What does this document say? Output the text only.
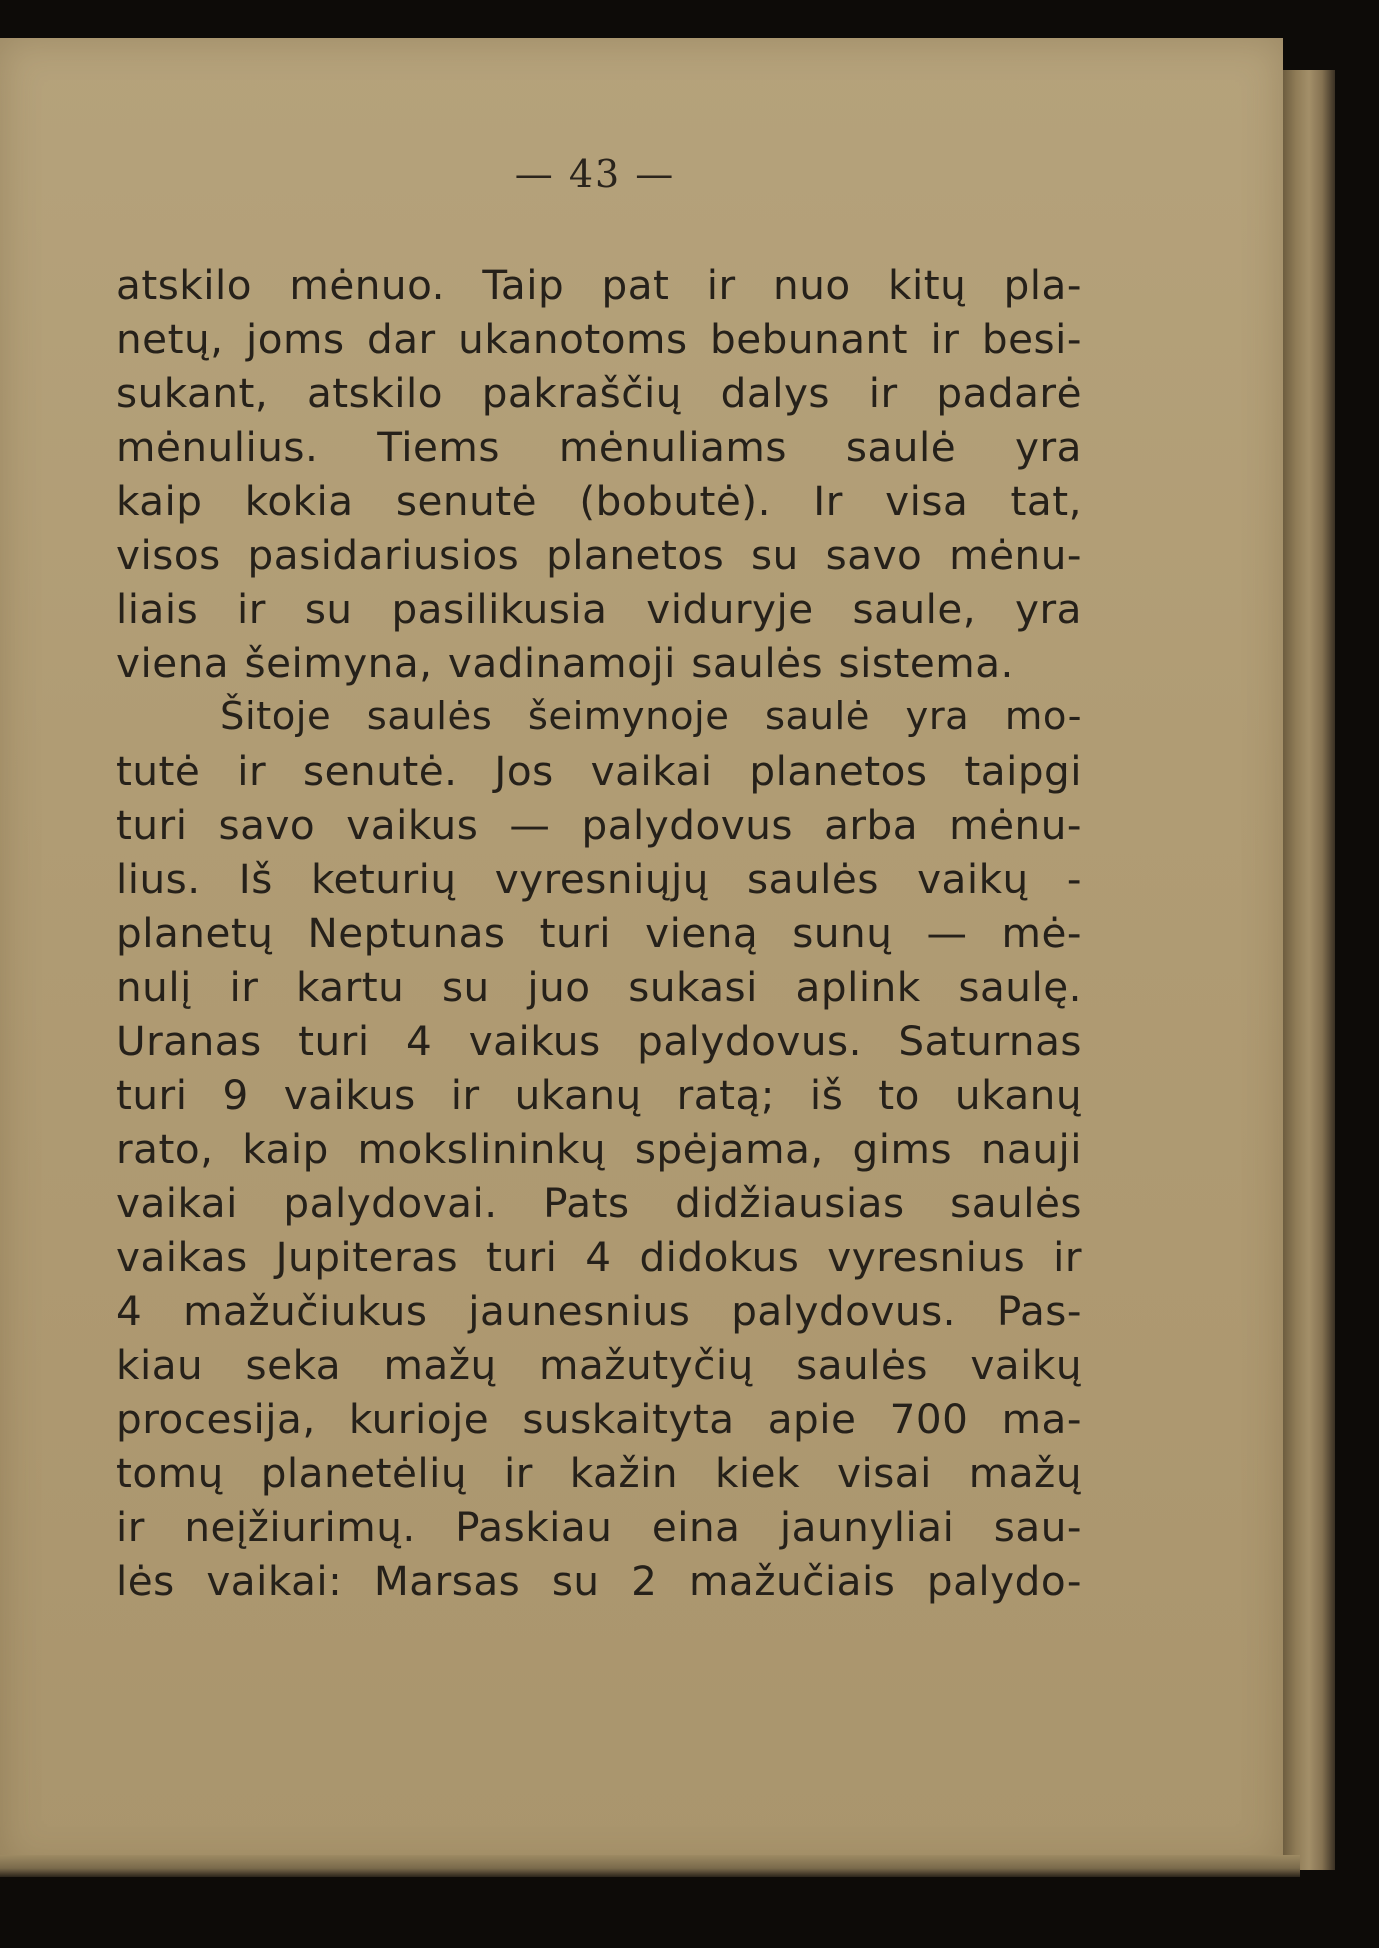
— 43 —
atskilo mėnuo. Taip pat ir nuo kitų pla-
netų, joms dar ukanotoms bebunant ir besi-
sukant, atskilo pakraščių dalys ir padarė
mėnulius. Tiems mėnuliams saulė yra
kaip kokia senutė (bobutė). Ir visa tat,
visos pasidariusios planetos su savo mėnu-
liais ir su pasilikusia viduryje saule, yra
viena šeimyna, vadinamoji saulės sistema.
Šitoje saulės šeimynoje saulė yra mo-
tutė ir senutė. Jos vaikai planetos taipgi
turi savo vaikus — palydovus arba mėnu-
lius. Iš keturių vyresniųjų saulės vaikų -
planetų Neptunas turi vieną sunų — mė-
nulį ir kartu su juo sukasi aplink saulę.
Uranas turi 4 vaikus palydovus. Saturnas
turi 9 vaikus ir ukanų ratą; iš to ukanų
rato, kaip mokslininkų spėjama, gims nauji
vaikai palydovai. Pats didžiausias saulės
vaikas Jupiteras turi 4 didokus vyresnius ir
4 mažučiukus jaunesnius palydovus. Pas-
kiau seka mažų mažutyčių saulės vaikų
procesija, kurioje suskaityta apie 700 ma-
tomų planetėlių ir kažin kiek visai mažų
ir neįžiurimų. Paskiau eina jaunyliai sau-
lės vaikai: Marsas su 2 mažučiais palydo-
